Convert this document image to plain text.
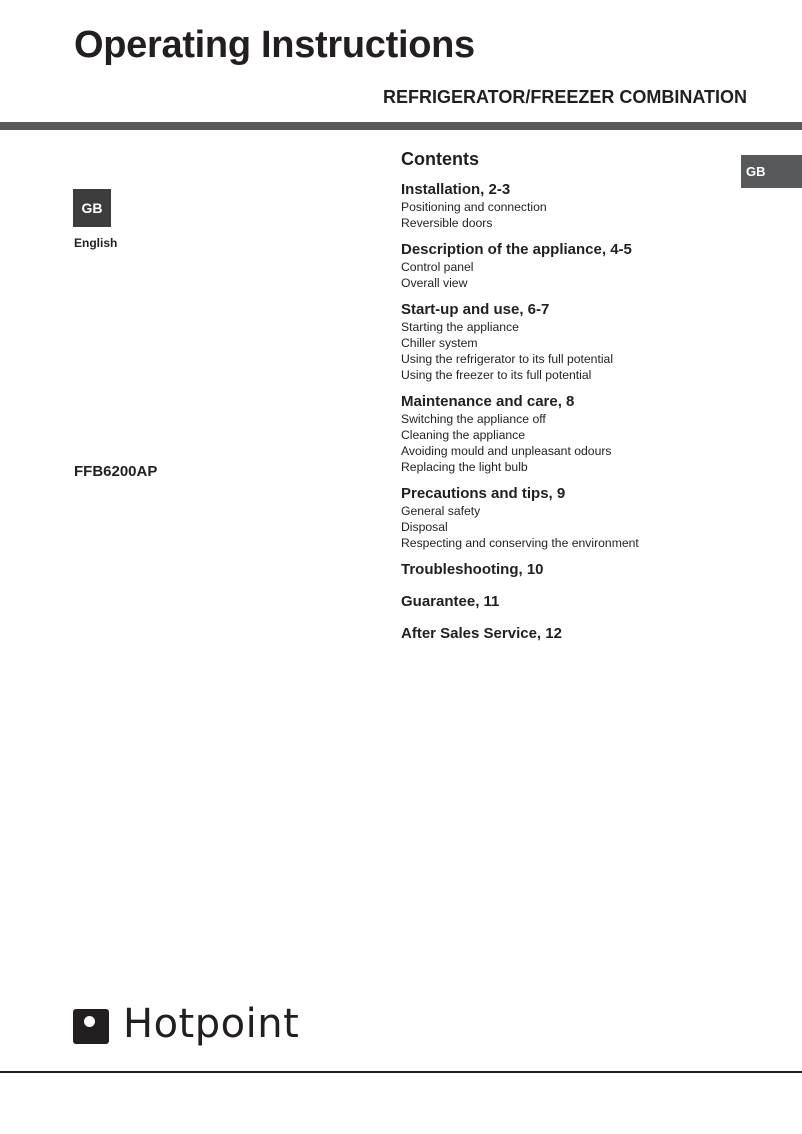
Operating Instructions
REFRIGERATOR/FREEZER COMBINATION
GB
English
GB
FFB6200AP
Contents
Installation, 2-3
Positioning and connection
Reversible doors
Description of the appliance, 4-5
Control panel
Overall view
Start-up and use, 6-7
Starting the appliance
Chiller system
Using the refrigerator to its full potential
Using the freezer to its full potential
Maintenance and care, 8
Switching the appliance off
Cleaning the appliance
Avoiding mould and unpleasant odours
Replacing the light bulb
Precautions and tips, 9
General safety
Disposal
Respecting and conserving the environment
Troubleshooting, 10
Guarantee, 11
After Sales Service, 12
Hotpoint
